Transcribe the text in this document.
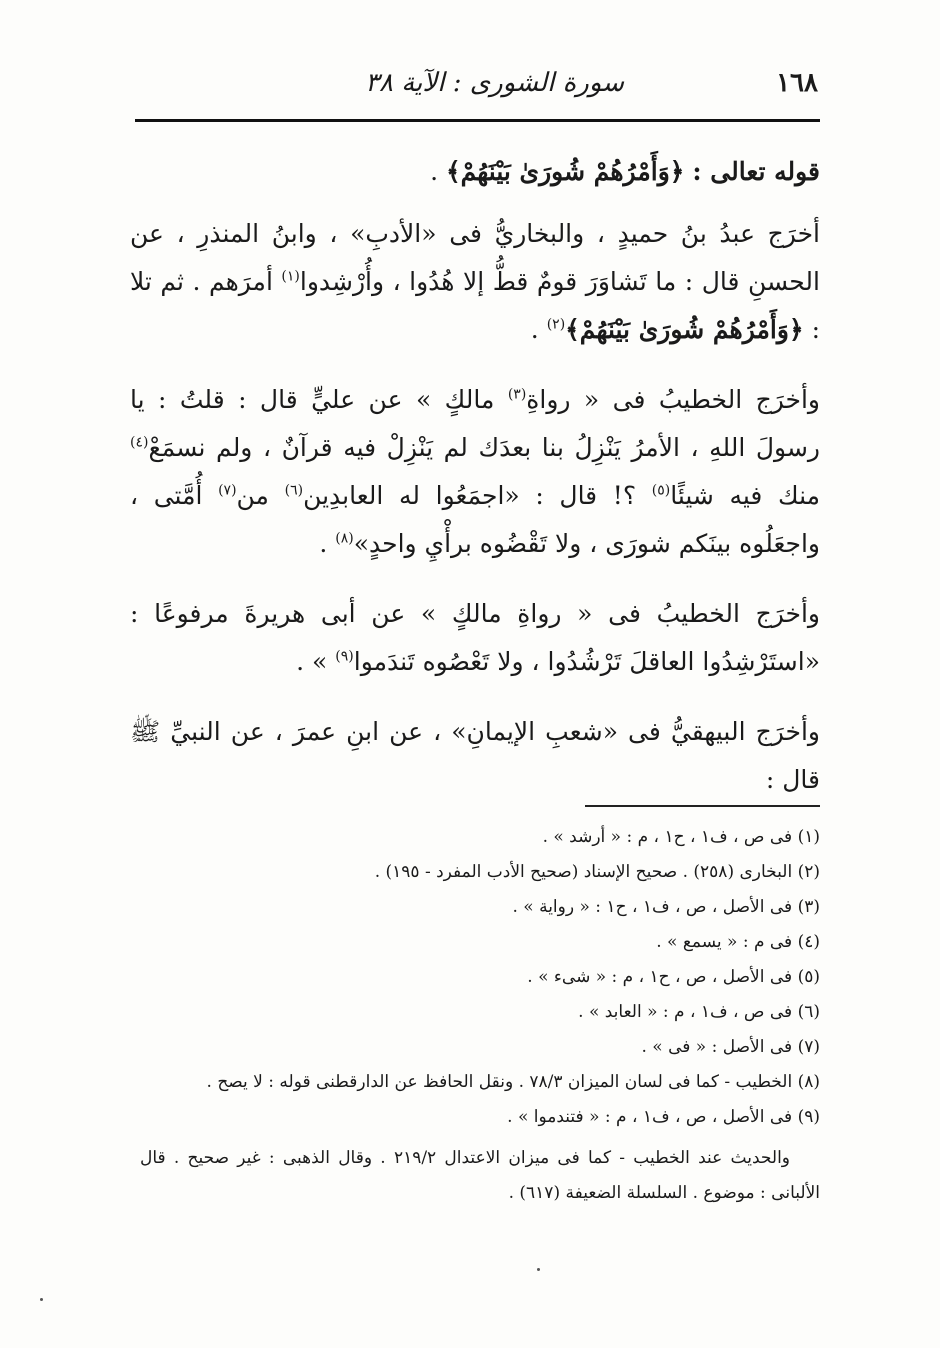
١٦٨
سورة الشورى : الآية ٣٨

قوله تعالى : ﴿وَأَمْرُهُمْ شُورَىٰ بَيْنَهُمْ﴾ .

أخرَج عبدُ بنُ حميدٍ ، والبخاريُّ فى «الأدبِ» ، وابنُ المنذرِ ، عن الحسنِ قال : ما تَشاوَرَ قومٌ قطُّ إلا هُدُوا ، وأُرْشِدوا$^{(١)}$ أمرَهم . ثم تلا : ﴿وَأَمْرُهُمْ شُورَىٰ بَيْنَهُمْ﴾$^{(٢)}$ .

وأخرَج الخطيبُ فى « رواةِ$^{(٣)}$ مالكٍ » عن عليٍّ قال : قلتُ : يا رسولَ اللهِ ، الأمرُ يَنْزِلُ بنا بعدَك لم يَنْزِلْ فيه قرآنٌ ، ولم نسمَعْ$^{(٤)}$ منك فيه شيئًا$^{(٥)}$ ؟! قال : «اجمَعُوا له العابدِين$^{(٦)}$ من$^{(٧)}$ أُمَّتى ، واجعَلُوه بينَكم شورَى ، ولا تَقْضُوه برأْيِ واحدٍ»$^{(٨)}$ .

وأخرَج الخطيبُ فى « رواةِ مالكٍ » عن أبى هريرةَ مرفوعًا : «استَرْشِدُوا العاقلَ تَرْشُدُوا ، ولا تَعْصُوه تَندَموا$^{(٩)}$ » .

وأخرَج البيهقيُّ فى «شعبِ الإيمانِ» ، عن ابنِ عمرَ ، عن النبيِّ ﷺ قال :

(١) فى ص ، ف١ ، ح١ ، م : « أرشد » .
(٢) البخارى (٢٥٨) . صحيح الإسناد (صحيح الأدب المفرد - ١٩٥) .
(٣) فى الأصل ، ص ، ف١ ، ح١ : « رواية » .
(٤) فى م : « يسمع » .
(٥) فى الأصل ، ص ، ح١ ، م : « شىء » .
(٦) فى ص ، ف١ ، م : « العابد » .
(٧) فى الأصل : « فى » .
(٨) الخطيب - كما فى لسان الميزان ٧٨/٣ . ونقل الحافظ عن الدارقطنى قوله : لا يصح .
(٩) فى الأصل ، ص ، ف١ ، م : « فتندموا » .
والحديث عند الخطيب - كما فى ميزان الاعتدال ٢١٩/٢ . وقال الذهبى : غير صحيح . قال الألبانى : موضوع . السلسلة الضعيفة (٦١٧) .
